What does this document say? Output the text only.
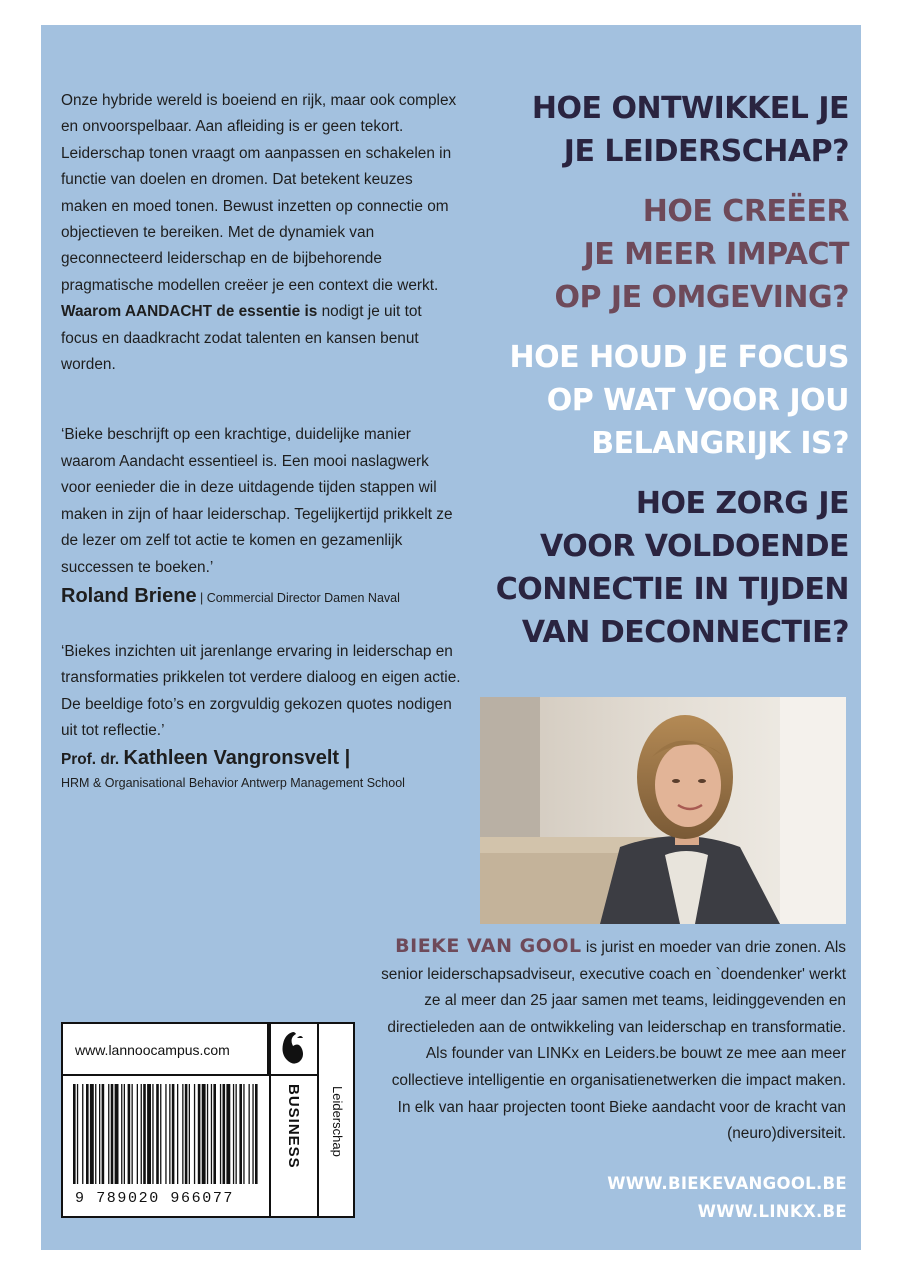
Onze hybride wereld is boeiend en rijk, maar ook complex en onvoorspelbaar. Aan afleiding is er geen tekort. Leiderschap tonen vraagt om aanpassen en schakelen in functie van doelen en dromen. Dat betekent keuzes maken en moed tonen. Bewust inzetten op connectie om objectieven te bereiken. Met de dynamiek van geconnecteerd leiderschap en de bijbehorende pragmatische modellen creëer je een context die werkt.

Waarom AANDACHT de essentie is nodigt je uit tot focus en daadkracht zodat talenten en kansen benut worden.

‘Bieke beschrijft op een krachtige, duidelijke manier waarom Aandacht essentieel is. Een mooi naslagwerk voor eenieder die in deze uitdagende tijden stappen wil maken in zijn of haar leiderschap. Tegelijkertijd prikkelt ze de lezer om zelf tot actie te komen en gezamenlijk successen te boeken.’

Roland Briene | Commercial Director Damen Naval

‘Biekes inzichten uit jarenlange ervaring in leiderschap en transformaties prikkelen tot verdere dialoog en eigen actie. De beeldige foto’s en zorgvuldig gekozen quotes nodigen uit tot reflectie.’

Prof. dr. Kathleen Vangronsvelt |
HRM & Organisational Behavior Antwerp Management School

HOE ONTWIKKEL JE
JE LEIDERSCHAP?
HOE CREËER
JE MEER IMPACT
OP JE OMGEVING?
HOE HOUD JE FOCUS
OP WAT VOOR JOU
BELANGRIJK IS?
HOE ZORG JE
VOOR VOLDOENDE
CONNECTIE IN TIJDEN
VAN DECONNECTIE?
BIEKE VAN GOOL is jurist en moeder van drie zonen. Als senior leiderschapsadviseur, executive coach en `doendenker' werkt ze al meer dan 25 jaar samen met teams, leidinggevenden en directieleden aan de ontwikkeling van leiderschap en transformatie. Als founder van LINKx en Leiders.be bouwt ze mee aan meer collectieve intelligentie en organisatienetwerken die impact maken. In elk van haar projecten toont Bieke aandacht voor de kracht van (neuro)diversiteit.
WWW.BIEKEVANGOOL.BE
WWW.LINKX.BE
www.lannoocampus.com
BUSINESS Leiderschap
9 789020 966077
